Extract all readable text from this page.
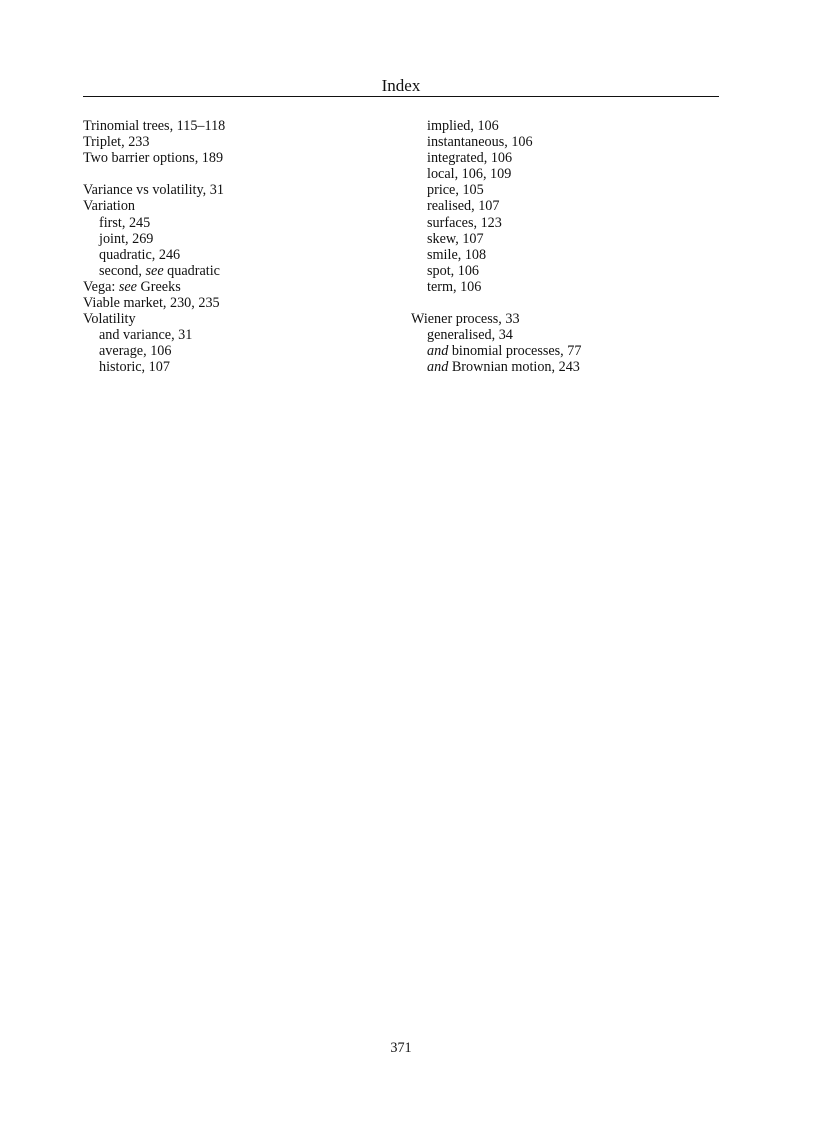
Index
Trinomial trees, 115–118
Triplet, 233
Two barrier options, 189
Variance vs volatility, 31
Variation
first, 245
joint, 269
quadratic, 246
second, see quadratic
Vega: see Greeks
Viable market, 230, 235
Volatility
and variance, 31
average, 106
historic, 107
implied, 106
instantaneous, 106
integrated, 106
local, 106, 109
price, 105
realised, 107
surfaces, 123
skew, 107
smile, 108
spot, 106
term, 106
Wiener process, 33
generalised, 34
and binomial processes, 77
and Brownian motion, 243
371
